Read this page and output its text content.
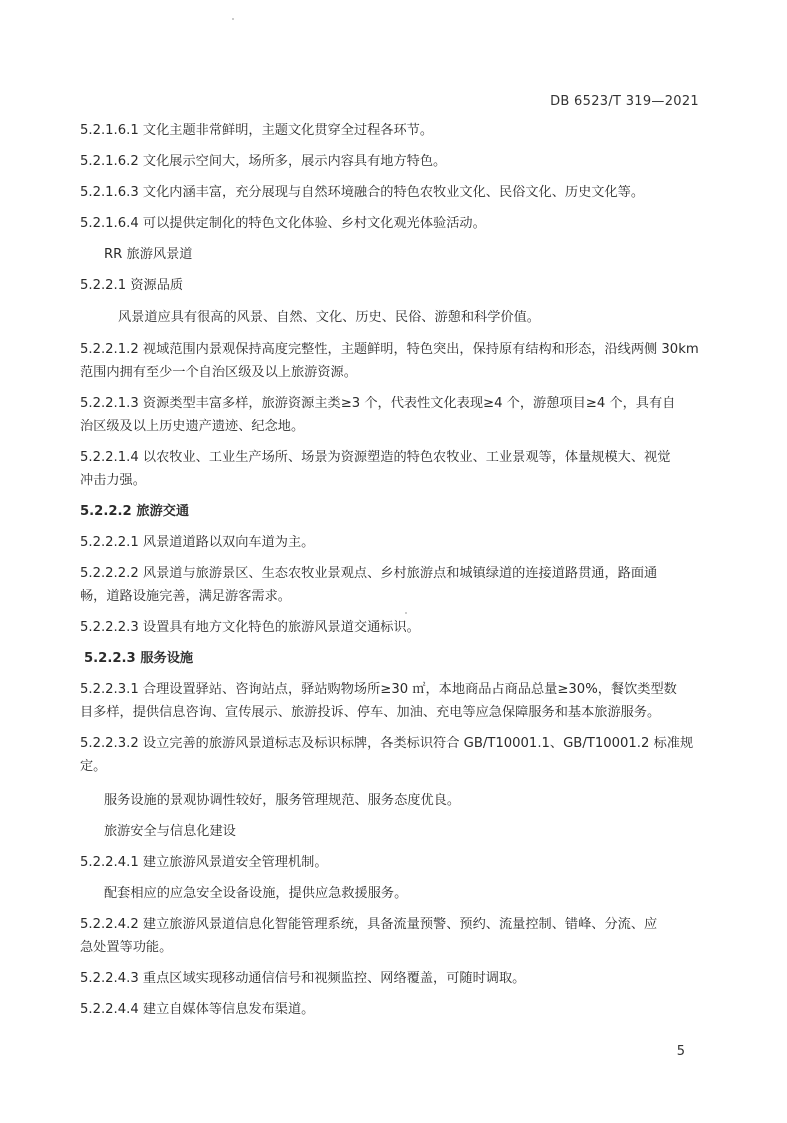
DB 6523/T 319—2021
5.2.1.6.1 文化主题非常鲜明，主题文化贯穿全过程各环节。
5.2.1.6.2 文化展示空间大，场所多，展示内容具有地方特色。
5.2.1.6.3 文化内涵丰富，充分展现与自然环境融合的特色农牧业文化、民俗文化、历史文化等。
5.2.1.6.4 可以提供定制化的特色文化体验、乡村文化观光体验活动。
RR 旅游风景道
5.2.2.1 资源品质
风景道应具有很高的风景、自然、文化、历史、民俗、游憩和科学价值。
5.2.2.1.2 视域范围内景观保持高度完整性，主题鲜明，特色突出，保持原有结构和形态，沿线两侧 30km
范围内拥有至少一个自治区级及以上旅游资源。
5.2.2.1.3 资源类型丰富多样，旅游资源主类≥3 个，代表性文化表现≥4 个，游憩项目≥4 个，具有自
治区级及以上历史遗产遗迹、纪念地。
5.2.2.1.4 以农牧业、工业生产场所、场景为资源塑造的特色农牧业、工业景观等，体量规模大、视觉
冲击力强。
5.2.2.2 旅游交通
5.2.2.2.1 风景道道路以双向车道为主。
5.2.2.2.2 风景道与旅游景区、生态农牧业景观点、乡村旅游点和城镇绿道的连接道路贯通，路面通
畅，道路设施完善，满足游客需求。
5.2.2.2.3 设置具有地方文化特色的旅游风景道交通标识。
5.2.2.3 服务设施
5.2.2.3.1 合理设置驿站、咨询站点，驿站购物场所≥30 ㎡，本地商品占商品总量≥30%，餐饮类型数
目多样，提供信息咨询、宣传展示、旅游投诉、停车、加油、充电等应急保障服务和基本旅游服务。
5.2.2.3.2 设立完善的旅游风景道标志及标识标牌，各类标识符合 GB/T10001.1、GB/T10001.2 标准规
定。
服务设施的景观协调性较好，服务管理规范、服务态度优良。
旅游安全与信息化建设
5.2.2.4.1 建立旅游风景道安全管理机制。
配套相应的应急安全设备设施，提供应急救援服务。
5.2.2.4.2 建立旅游风景道信息化智能管理系统，具备流量预警、预约、流量控制、错峰、分流、应
急处置等功能。
5.2.2.4.3 重点区域实现移动通信信号和视频监控、网络覆盖，可随时调取。
5.2.2.4.4 建立自媒体等信息发布渠道。
5
